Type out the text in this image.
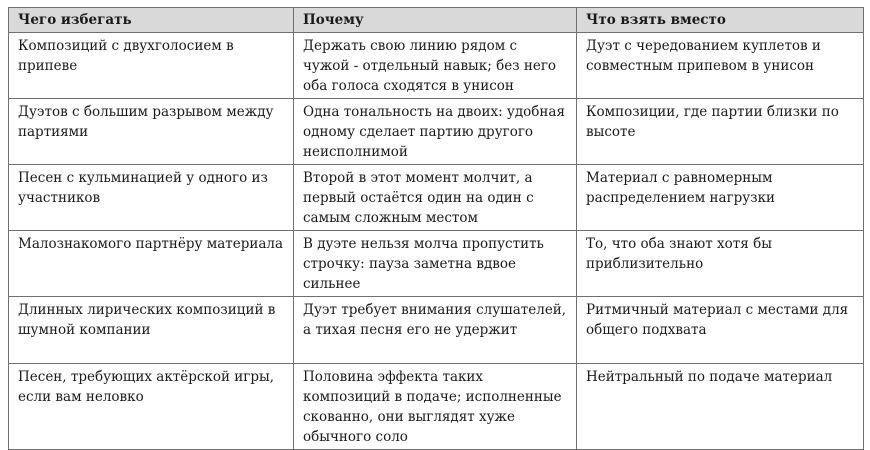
Чего избегать	Почему	Что взять вместо
Композиций с двухголосием в припеве	Держать свою линию рядом с чужой - отдельный навык; без него оба голоса сходятся в унисон	Дуэт с чередованием куплетов и совместным припевом в унисон
Дуэтов с большим разрывом между партиями	Одна тональность на двоих: удобная одному сделает партию другого неисполнимой	Композиции, где партии близки по высоте
Песен с кульминацией у одного из участников	Второй в этот момент молчит, а первый остаётся один на один с самым сложным местом	Материал с равномерным распределением нагрузки
Малознакомого партнёру материала	В дуэте нельзя молча пропустить строчку: пауза заметна вдвое сильнее	То, что оба знают хотя бы приблизительно
Длинных лирических композиций в шумной компании	Дуэт требует внимания слушателей, а тихая песня его не удержит	Ритмичный материал с местами для общего подхвата
Песен, требующих актёрской игры, если вам неловко	Половина эффекта таких композиций в подаче; исполненные скованно, они выглядят хуже обычного соло	Нейтральный по подаче материал
